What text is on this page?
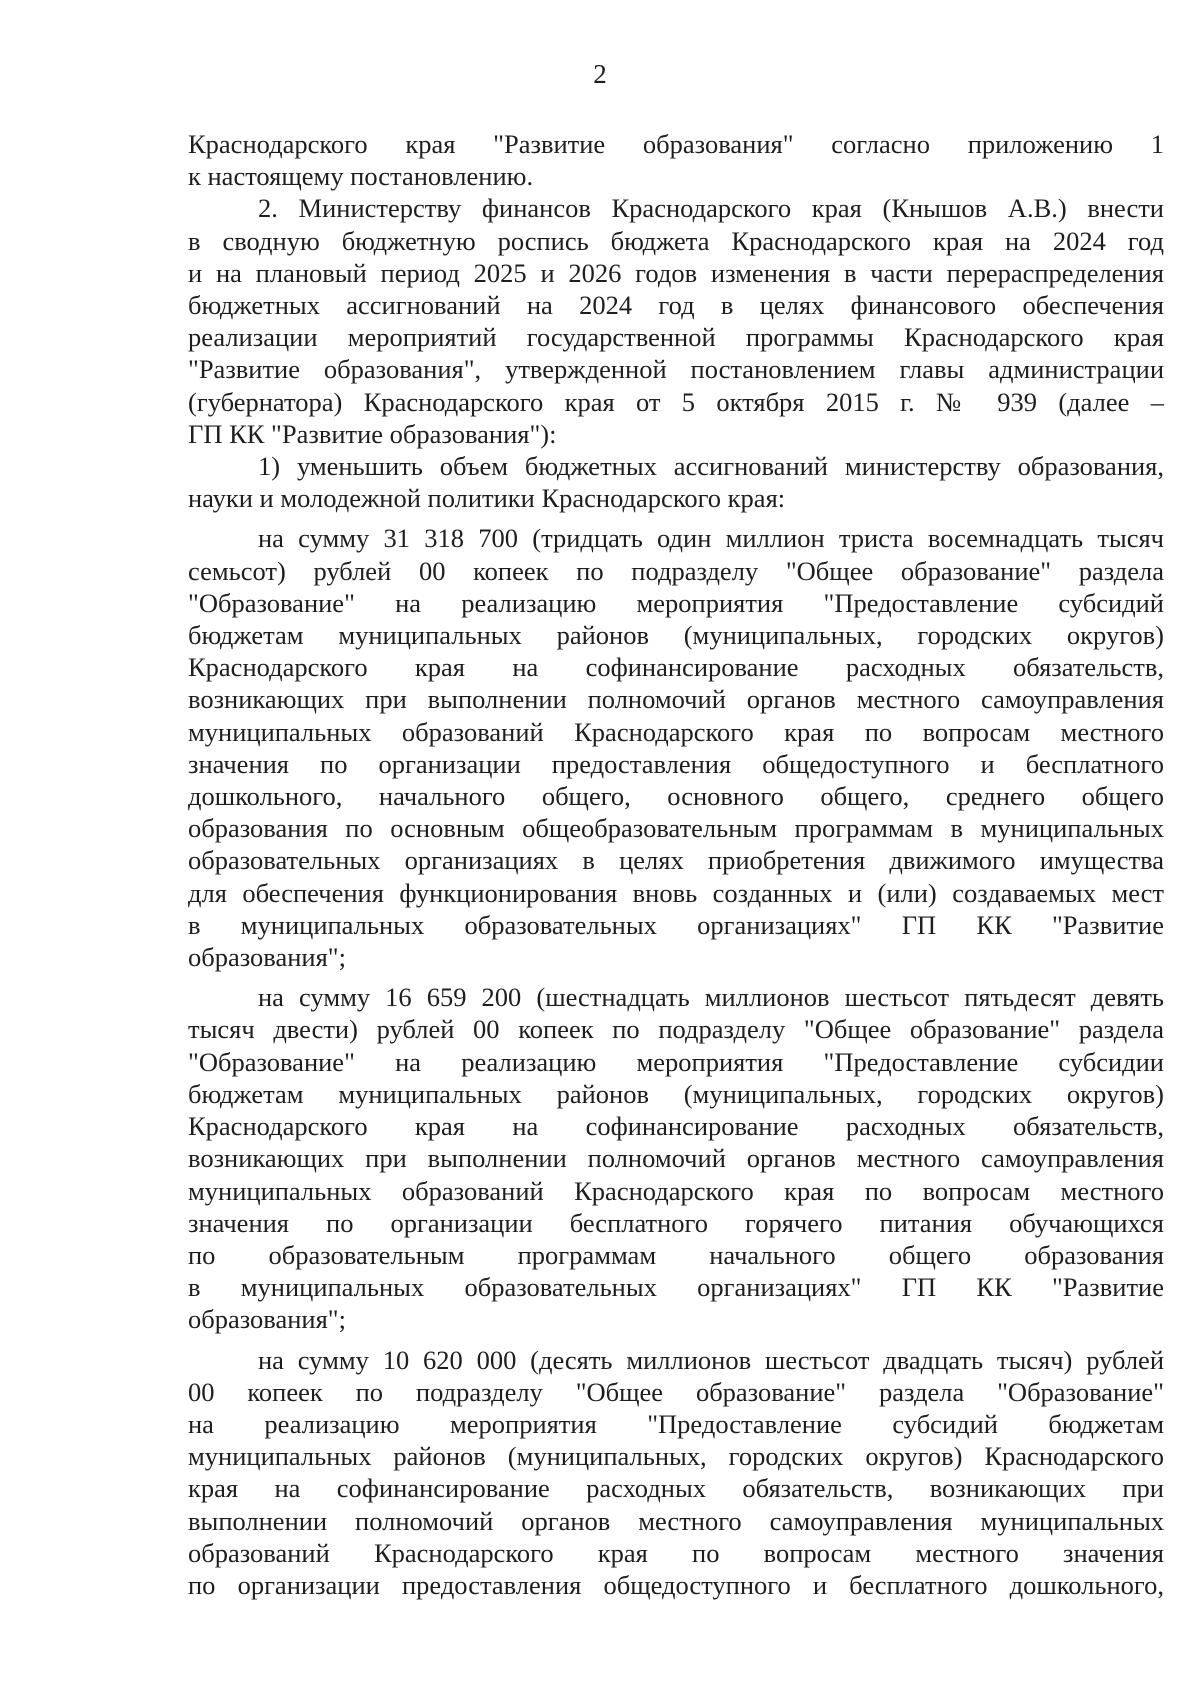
2
Краснодарского края "Развитие образования" согласно приложению 1
к настоящему постановлению.
2. Министерству финансов Краснодарского края (Кнышов А.В.) внести
в сводную бюджетную роспись бюджета Краснодарского края на 2024 год
и на плановый период 2025 и 2026 годов изменения в части перераспределения
бюджетных ассигнований на 2024 год в целях финансового обеспечения
реализации мероприятий государственной программы Краснодарского края
"Развитие образования", утвержденной постановлением главы администрации
(губернатора) Краснодарского края от 5 октября 2015 г. № 939 (далее –
ГП КК "Развитие образования"):
1) уменьшить объем бюджетных ассигнований министерству образования,
науки и молодежной политики Краснодарского края:
на сумму 31 318 700 (тридцать один миллион триста восемнадцать тысяч
семьсот) рублей 00 копеек по подразделу "Общее образование" раздела
"Образование" на реализацию мероприятия "Предоставление субсидий
бюджетам муниципальных районов (муниципальных, городских округов)
Краснодарского края на софинансирование расходных обязательств,
возникающих при выполнении полномочий органов местного самоуправления
муниципальных образований Краснодарского края по вопросам местного
значения по организации предоставления общедоступного и бесплатного
дошкольного, начального общего, основного общего, среднего общего
образования по основным общеобразовательным программам в муниципальных
образовательных организациях в целях приобретения движимого имущества
для обеспечения функционирования вновь созданных и (или) создаваемых мест
в муниципальных образовательных организациях" ГП КК "Развитие
образования";
на сумму 16 659 200 (шестнадцать миллионов шестьсот пятьдесят девять
тысяч двести) рублей 00 копеек по подразделу "Общее образование" раздела
"Образование" на реализацию мероприятия "Предоставление субсидии
бюджетам муниципальных районов (муниципальных, городских округов)
Краснодарского края на софинансирование расходных обязательств,
возникающих при выполнении полномочий органов местного самоуправления
муниципальных образований Краснодарского края по вопросам местного
значения по организации бесплатного горячего питания обучающихся
по образовательным программам начального общего образования
в муниципальных образовательных организациях" ГП КК "Развитие
образования";
на сумму 10 620 000 (десять миллионов шестьсот двадцать тысяч) рублей
00 копеек по подразделу "Общее образование" раздела "Образование"
на реализацию мероприятия "Предоставление субсидий бюджетам
муниципальных районов (муниципальных, городских округов) Краснодарского
края на софинансирование расходных обязательств, возникающих при
выполнении полномочий органов местного самоуправления муниципальных
образований Краснодарского края по вопросам местного значения
по организации предоставления общедоступного и бесплатного дошкольного,
